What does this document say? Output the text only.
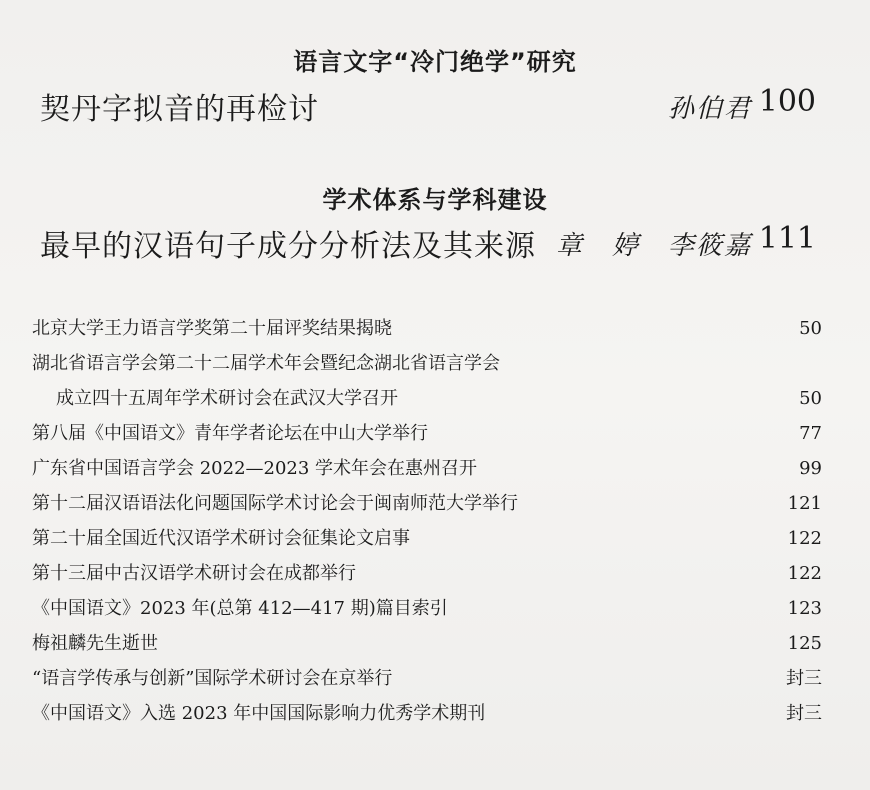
语言文字“冷门绝学”研究
契丹字拟音的再检讨	孙伯君 100
学术体系与学科建设
最早的汉语句子成分分析法及其来源 章　婷　李筱嘉 111
北京大学王力语言学奖第二十届评奖结果揭晓	50
湖北省语言学会第二十二届学术年会暨纪念湖北省语言学会
成立四十五周年学术研讨会在武汉大学召开	50
第八届《中国语文》青年学者论坛在中山大学举行	77
广东省中国语言学会 2022—2023 学术年会在惠州召开	99
第十二届汉语语法化问题国际学术讨论会于闽南师范大学举行	121
第二十届全国近代汉语学术研讨会征集论文启事	122
第十三届中古汉语学术研讨会在成都举行	122
《中国语文》2023 年(总第 412—417 期)篇目索引	123
梅祖麟先生逝世	125
“语言学传承与创新”国际学术研讨会在京举行	封三
《中国语文》入选 2023 年中国国际影响力优秀学术期刊	封三
